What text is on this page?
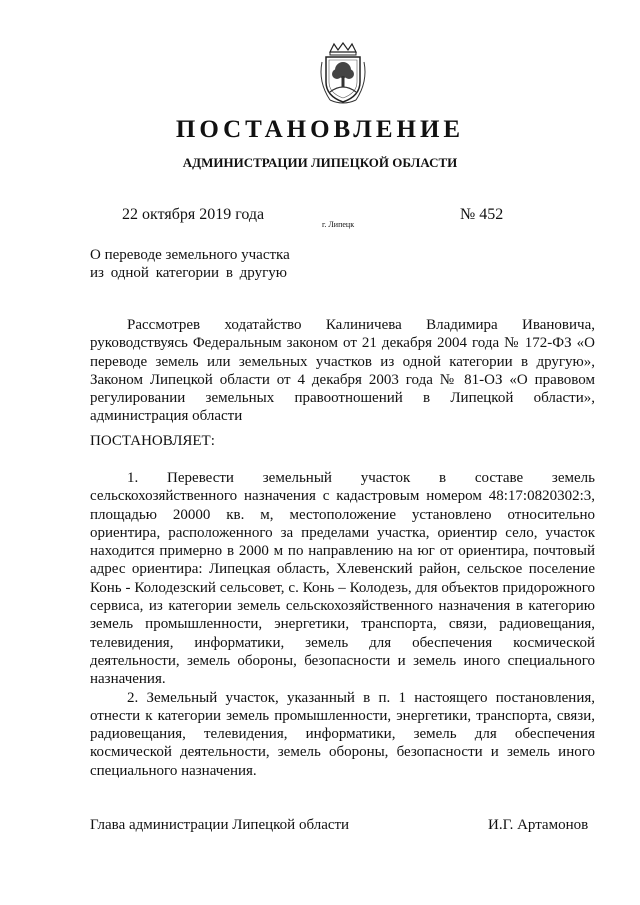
ПОСТАНОВЛЕНИЕ
АДМИНИСТРАЦИИ ЛИПЕЦКОЙ ОБЛАСТИ
22 октября 2019 года
г. Липецк
№ 452
О переводе земельного участка
из одной категории в другую

Рассмотрев ходатайство Калиничева Владимира Ивановича, руководствуясь Федеральным законом от 21 декабря 2004 года № 172-ФЗ «О переводе земель или земельных участков из одной категории в другую», Законом Липецкой области от 4 декабря 2003 года № 81-ОЗ «О правовом регулировании земельных правоотношений в Липецкой области», администрация области

ПОСТАНОВЛЯЕТ:

1. Перевести земельный участок в составе земель сельскохозяйственного назначения с кадастровым номером 48:17:0820302:3, площадью 20000 кв. м, местоположение установлено относительно ориентира, расположенного за пределами участка, ориентир село, участок находится примерно в 2000 м по направлению на юг от ориентира, почтовый адрес ориентира: Липецкая область, Хлевенский район, сельское поселение Конь - Колодезский сельсовет, с. Конь – Колодезь, для объектов придорожного сервиса, из категории земель сельскохозяйственного назначения в категорию земель промышленности, энергетики, транспорта, связи, радиовещания, телевидения, информатики, земель для обеспечения космической деятельности, земель обороны, безопасности и земель иного специального назначения.

2. Земельный участок, указанный в п. 1 настоящего постановления, отнести к категории земель промышленности, энергетики, транспорта, связи, радиовещания, телевидения, информатики, земель для обеспечения космической деятельности, земель обороны, безопасности и земель иного специального назначения.

Глава администрации Липецкой области	И.Г. Артамонов
